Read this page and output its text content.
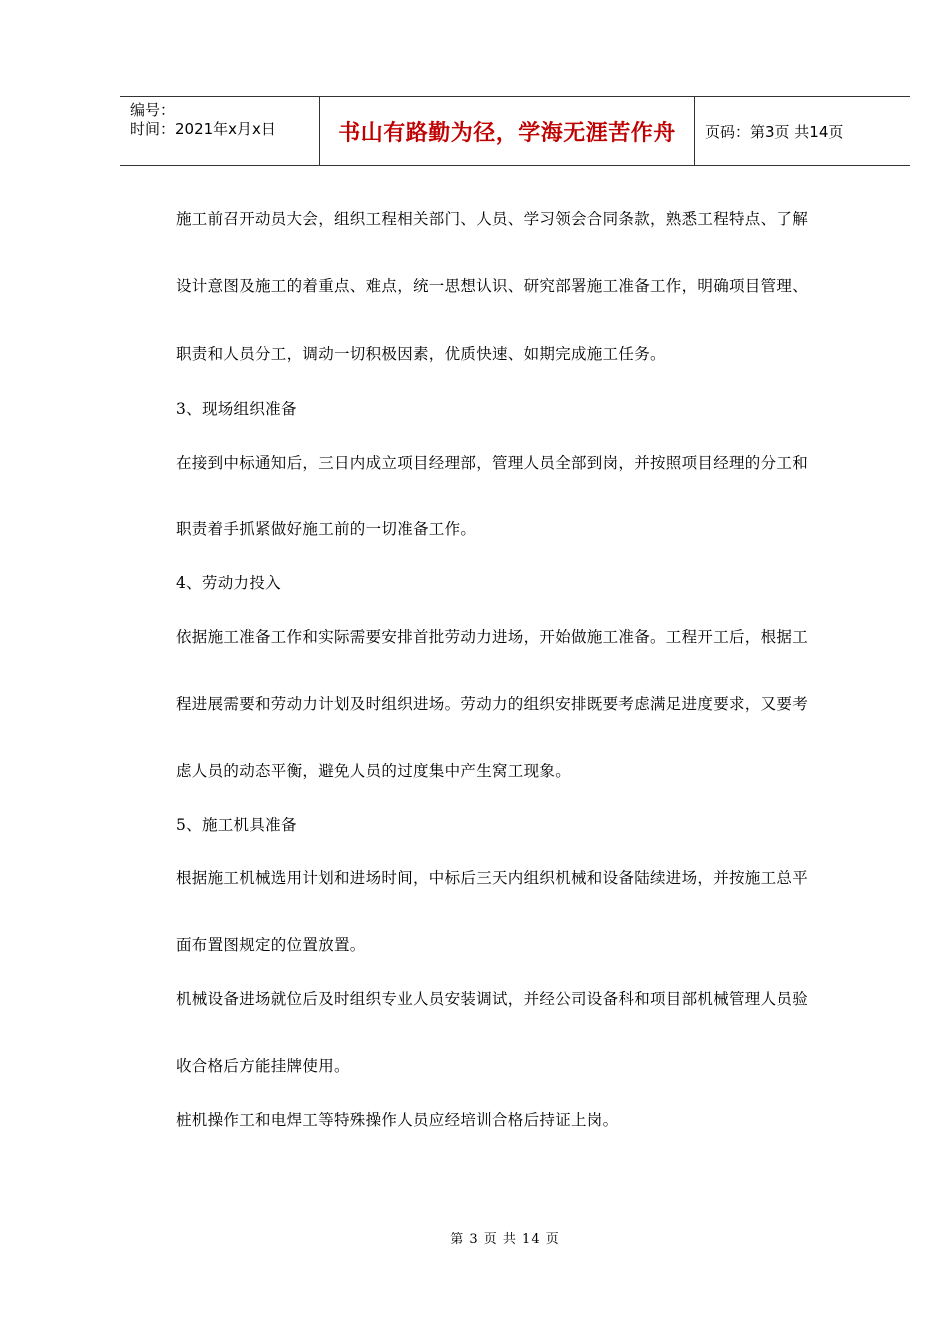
编号：
时间：2021年x月x日	书山有路勤为径，学海无涯苦作舟	页码：第3页 共14页
施工前召开动员大会，组织工程相关部门、人员、学习领会合同条款，熟悉工程特点、了解
设计意图及施工的着重点、难点，统一思想认识、研究部署施工准备工作，明确项目管理、
职责和人员分工，调动一切积极因素，优质快速、如期完成施工任务。
3、现场组织准备
在接到中标通知后，三日内成立项目经理部，管理人员全部到岗，并按照项目经理的分工和
职责着手抓紧做好施工前的一切准备工作。
4、劳动力投入
依据施工准备工作和实际需要安排首批劳动力进场，开始做施工准备。工程开工后，根据工
程进展需要和劳动力计划及时组织进场。劳动力的组织安排既要考虑满足进度要求，又要考
虑人员的动态平衡，避免人员的过度集中产生窝工现象。
5、施工机具准备
根据施工机械选用计划和进场时间，中标后三天内组织机械和设备陆续进场，并按施工总平
面布置图规定的位置放置。
机械设备进场就位后及时组织专业人员安装调试，并经公司设备科和项目部机械管理人员验
收合格后方能挂牌使用。
桩机操作工和电焊工等特殊操作人员应经培训合格后持证上岗。
第 3 页 共 14 页
